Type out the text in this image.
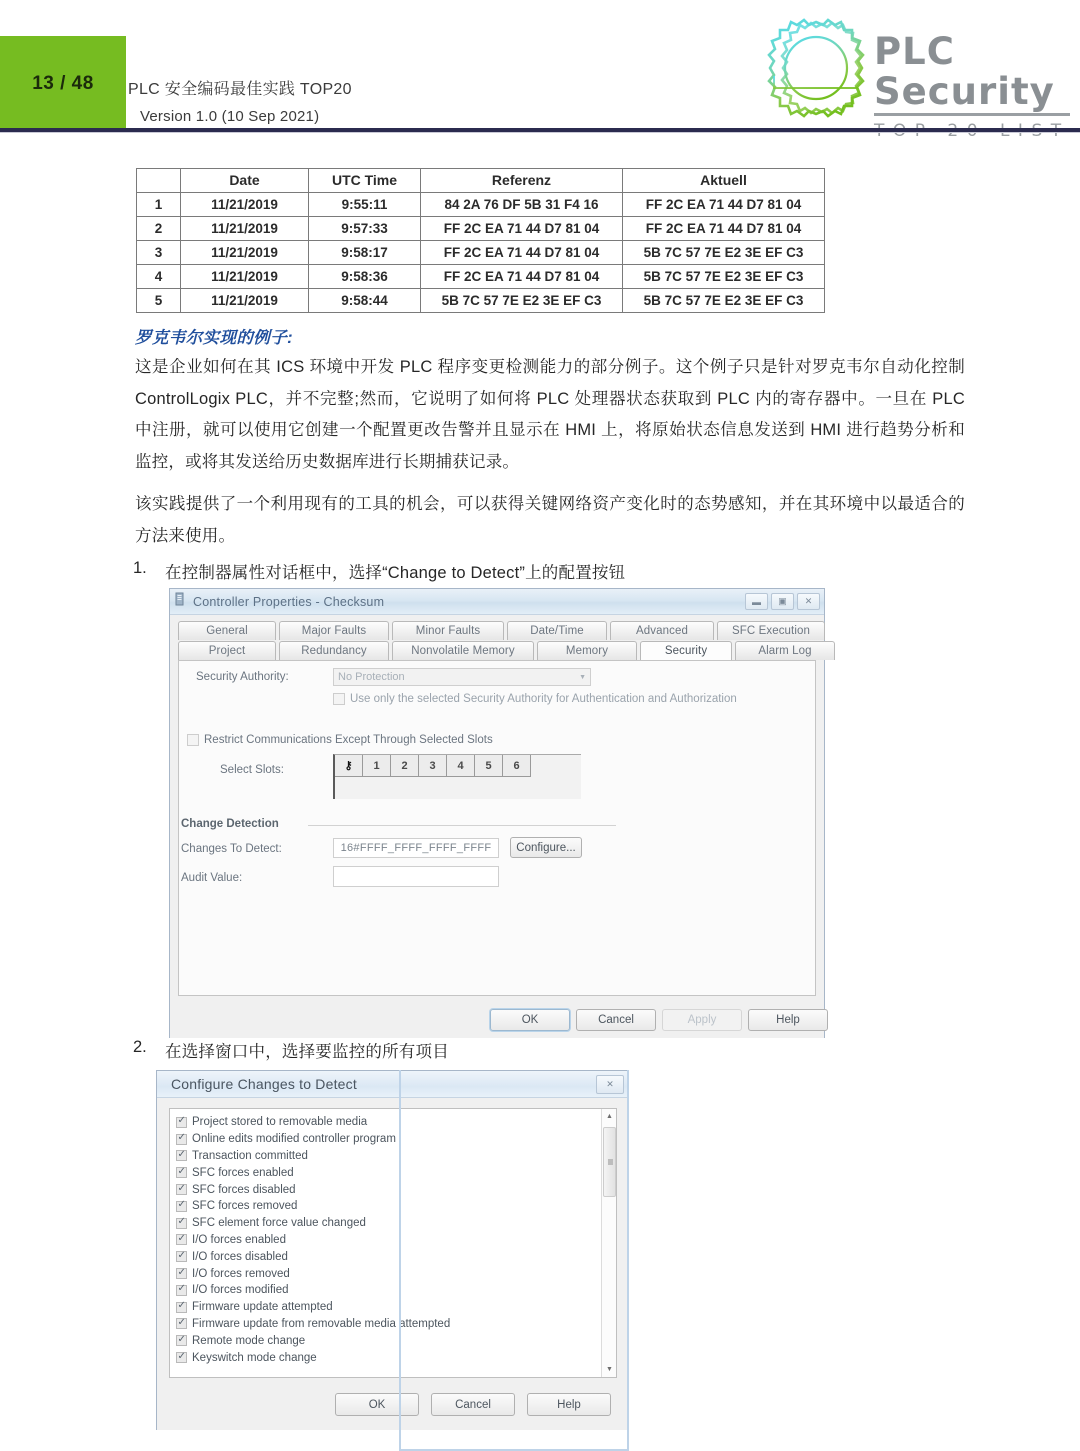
13 / 48 PLC 安全编码最佳实践 TOP20
Version 1.0 (10 Sep 2021)
PLC Security
	Date	UTC Time	Referenz	Aktuell
1	11/21/2019	9:55:11	84 2A 76 DF 5B 31 F4 16	FF 2C EA 71 44 D7 81 04
2	11/21/2019	9:57:33	FF 2C EA 71 44 D7 81 04	FF 2C EA 71 44 D7 81 04
3	11/21/2019	9:58:17	FF 2C EA 71 44 D7 81 04	5B 7C 57 7E E2 3E EF C3
4	11/21/2019	9:58:36	FF 2C EA 71 44 D7 81 04	5B 7C 57 7E E2 3E EF C3
5	11/21/2019	9:58:44	5B 7C 57 7E E2 3E EF C3	5B 7C 57 7E E2 3E EF C3
罗克韦尔实现的例子:
这是企业如何在其 ICS 环境中开发 PLC 程序变更检测能力的部分例子。这个例子只是针对罗克韦尔自动化控制 ControlLogix PLC，并不完整;然而，它说明了如何将 PLC 处理器状态获取到 PLC 内的寄存器中。一旦在 PLC 中注册，就可以使用它创建一个配置更改告警并且显示在 HMI 上，将原始状态信息发送到 HMI 进行趋势分析和监控，或将其发送给历史数据库进行长期捕获记录。
该实践提供了一个利用现有的工具的机会，可以获得关键网络资产变化时的态势感知，并在其环境中以最适合的方法来使用。
1. 在控制器属性对话框中，选择“Change to Detect”上的配置按钮
2. 在选择窗口中，选择要监控的所有项目
Controller Properties - Checksum	▬	▣	✕
General	Major Faults	Minor Faults	Date/Time	Advanced	SFC Execution
Project	Redundancy	Nonvolatile Memory	Memory	Security	Alarm Log
Security Authority:	No Protection	▼
Use only the selected Security Authority for Authentication and Authorization
Restrict Communications Except Through Selected Slots
Select Slots:	⚷	1	2	3	4	5	6
Change Detection
Changes To Detect:	16#FFFF_FFFF_FFFF_FFFF	Configure...
Audit Value:
OK	Cancel	Apply	Help
Configure Changes to Detect	✕
✓
Project stored to removable media
✓
Online edits modified controller program
✓
Transaction committed
✓
SFC forces enabled
✓
SFC forces disabled
✓
SFC forces removed
✓
SFC element force value changed
✓
I/O forces enabled
✓
I/O forces disabled
✓
I/O forces removed
✓
I/O forces modified
✓
Firmware update attempted
✓
Firmware update from removable media attempted
✓
Remote mode change
✓
Keyswitch mode change
▲
▼
OK	Cancel	Help
